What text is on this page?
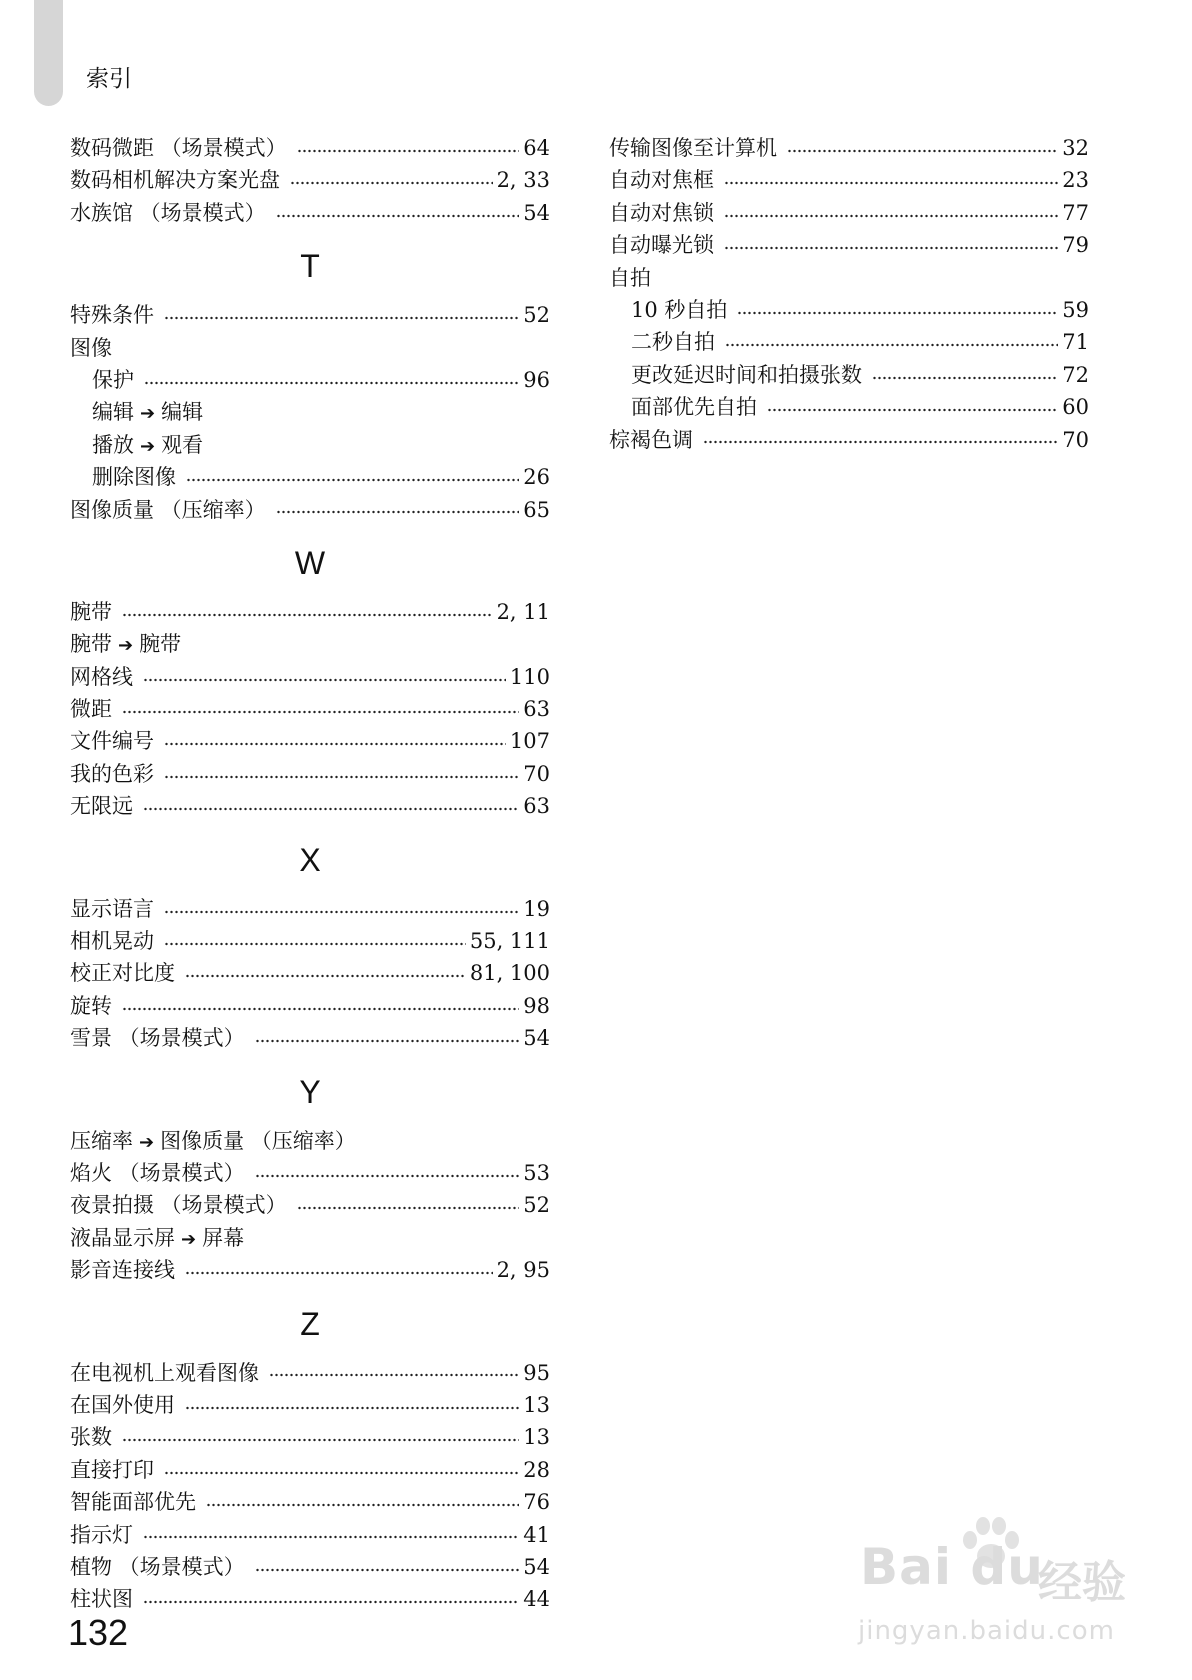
索引
数码微距 （场景模式）	64
数码相机解决方案光盘	2, 33
水族馆 （场景模式）	54
T
特殊条件	52
图像
保护	96
编辑 ➔ 编辑
播放 ➔ 观看
删除图像	26
图像质量 （压缩率）	65
W
腕带	2, 11
腕带 ➔ 腕带
网格线	110
微距	63
文件编号	107
我的色彩	70
无限远	63
X
显示语言	19
相机晃动	55, 111
校正对比度	81, 100
旋转	98
雪景 （场景模式）	54
Y
压缩率 ➔ 图像质量 （压缩率）
焰火 （场景模式）	53
夜景拍摄 （场景模式）	52
液晶显示屏 ➔ 屏幕
影音连接线	2, 95
Z
在电视机上观看图像	95
在国外使用	13
张数	13
直接打印	28
智能面部优先	76
指示灯	41
植物 （场景模式）	54
柱状图	44
传输图像至计算机	32
自动对焦框	23
自动对焦锁	77
自动曝光锁	79
自拍
10 秒自拍	59
二秒自拍	71
更改延迟时间和拍摄张数	72
面部优先自拍	60
棕褐色调	70
132
Bai du
经验
jingyan.baidu.com
